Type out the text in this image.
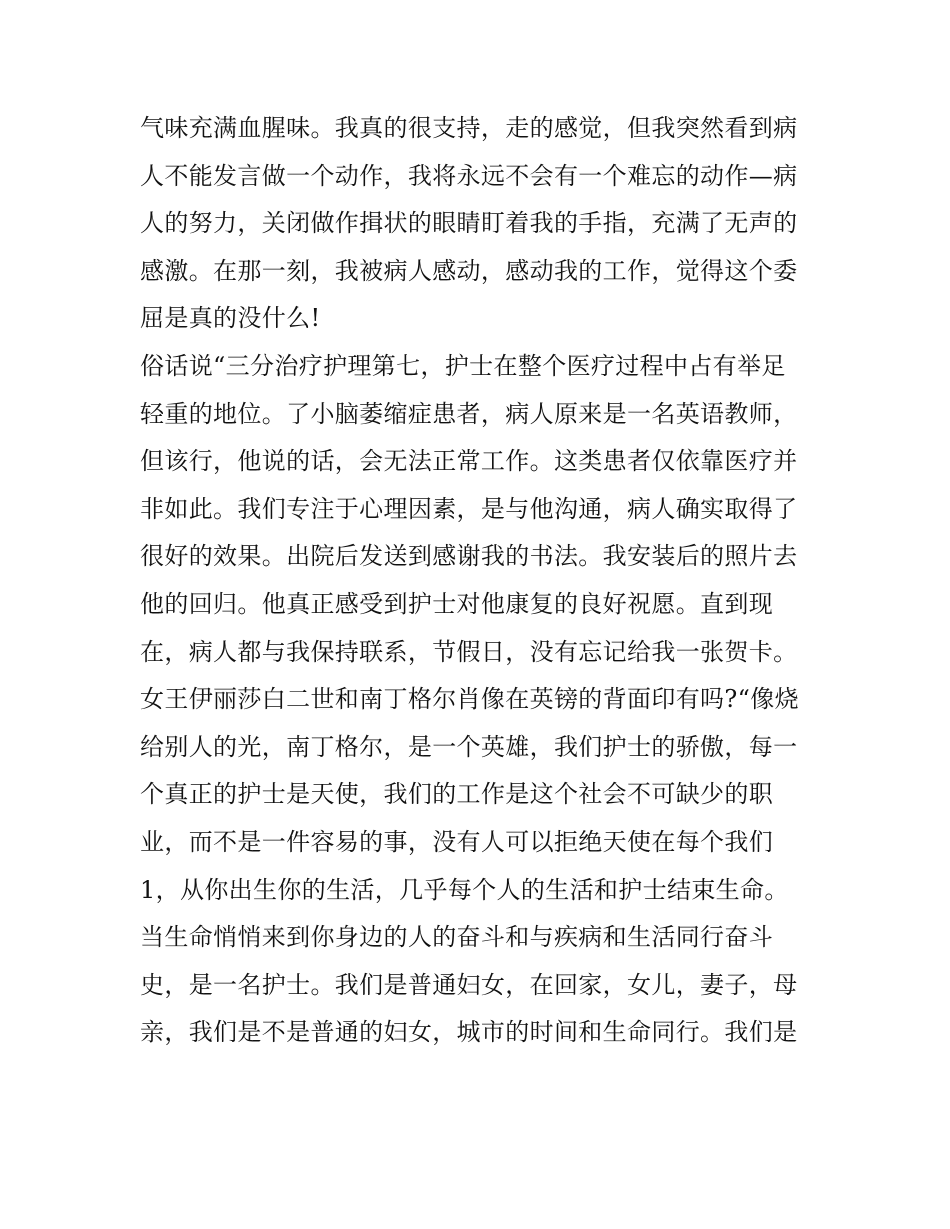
气味充满血腥味。我真的很支持，走的感觉，但我突然看到病
人不能发言做一个动作，我将永远不会有一个难忘的动作—病
人的努力，关闭做作揖状的眼睛盯着我的手指，充满了无声的
感激。在那一刻，我被病人感动，感动我的工作，觉得这个委
屈是真的没什么!
俗话说“三分治疗护理第七，护士在整个医疗过程中占有举足
轻重的地位。了小脑萎缩症患者，病人原来是一名英语教师，
但该行，他说的话，会无法正常工作。这类患者仅依靠医疗并
非如此。我们专注于心理因素，是与他沟通，病人确实取得了
很好的效果。出院后发送到感谢我的书法。我安装后的照片去
他的回归。他真正感受到护士对他康复的良好祝愿。直到现
在，病人都与我保持联系，节假日，没有忘记给我一张贺卡。
女王伊丽莎白二世和南丁格尔肖像在英镑的背面印有吗?“像烧
给别人的光，南丁格尔，是一个英雄，我们护士的骄傲，每一
个真正的护士是天使，我们的工作是这个社会不可缺少的职
业，而不是一件容易的事，没有人可以拒绝天使在每个我们
1，从你出生你的生活，几乎每个人的生活和护士结束生命。
当生命悄悄来到你身边的人的奋斗和与疾病和生活同行奋斗
史，是一名护士。我们是普通妇女，在回家，女儿，妻子，母
亲，我们是不是普通的妇女，城市的时间和生命同行。我们是
